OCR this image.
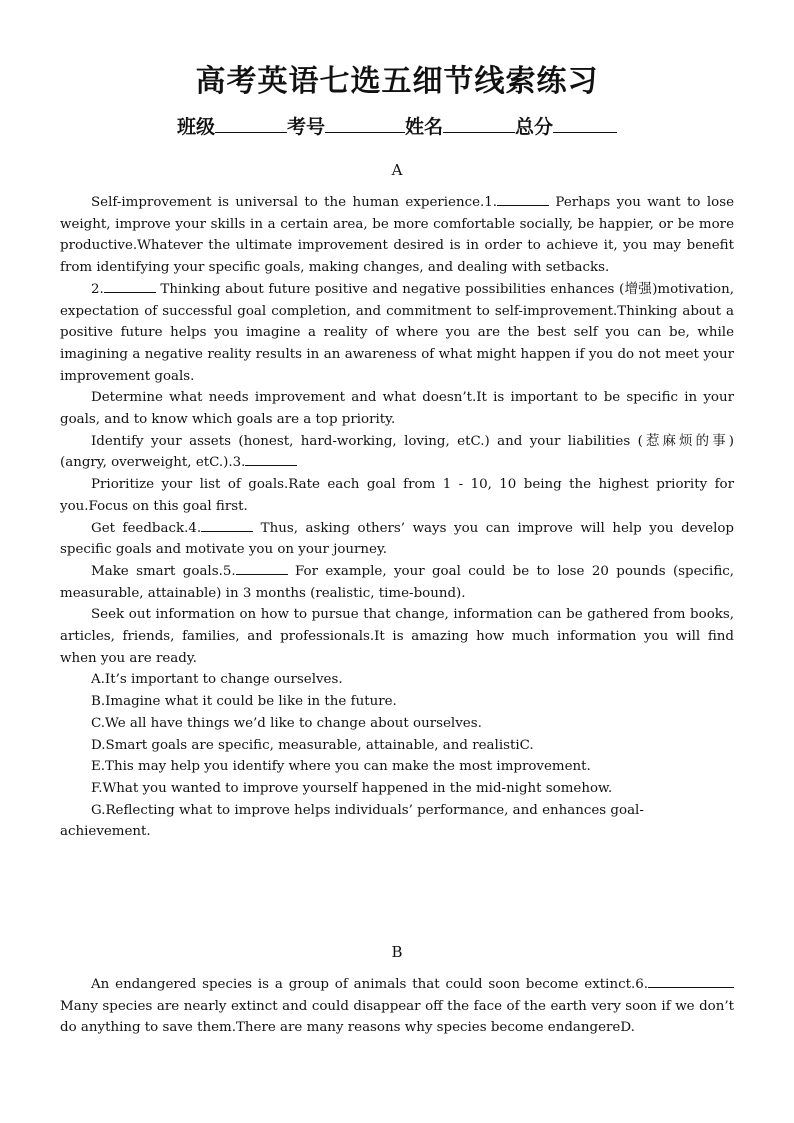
高考英语七选五细节线索练习
班级	考号	姓名	总分
A

Self-improvement is universal to the human experience.1.	Perhaps you want to lose weight, improve your skills in a certain area, be more comfortable socially, be happier, or be more productive.Whatever the ultimate improvement desired is in order to achieve it, you may benefit from identifying your specific goals, making changes, and dealing with setbacks.

2.	Thinking about future positive and negative possibilities enhances (增强)motivation, expectation of successful goal completion, and commitment to self-improvement.Thinking about a positive future helps you imagine a reality of where you are the best self you can be, while imagining a negative reality results in an awareness of what might happen if you do not meet your improvement goals.

Determine what needs improvement and what doesn’t.It is important to be specific in your goals, and to know which goals are a top priority.

Identify your assets (honest, hard-working, loving, etC.) and your liabilities (惹麻烦的事) (angry, overweight, etC.).3.

Prioritize your list of goals.Rate each goal from 1 - 10, 10 being the highest priority for you.Focus on this goal first.

Get feedback.4.	Thus, asking others’ ways you can improve will help you develop specific goals and motivate you on your journey.

Make smart goals.5.	For example, your goal could be to lose 20 pounds (specific, measurable, attainable) in 3 months (realistic, time-bound).

Seek out information on how to pursue that change, information can be gathered from books, articles, friends, families, and professionals.It is amazing how much information you will find when you are ready.

A.It’s important to change ourselves.

B.Imagine what it could be like in the future.

C.We all have things we’d like to change about ourselves.

D.Smart goals are specific, measurable, attainable, and realistiC.

E.This may help you identify where you can make the most improvement.

F.What you wanted to improve yourself happened in the mid-night somehow.

G.Reflecting what to improve helps individuals’ performance, and enhances goal-achievement.

B

An endangered species is a group of animals that could soon become extinct.6.Many species are nearly extinct and could disappear off the face of the earth very soon if we don’t do anything to save them.There are many reasons why species become endangereD.
